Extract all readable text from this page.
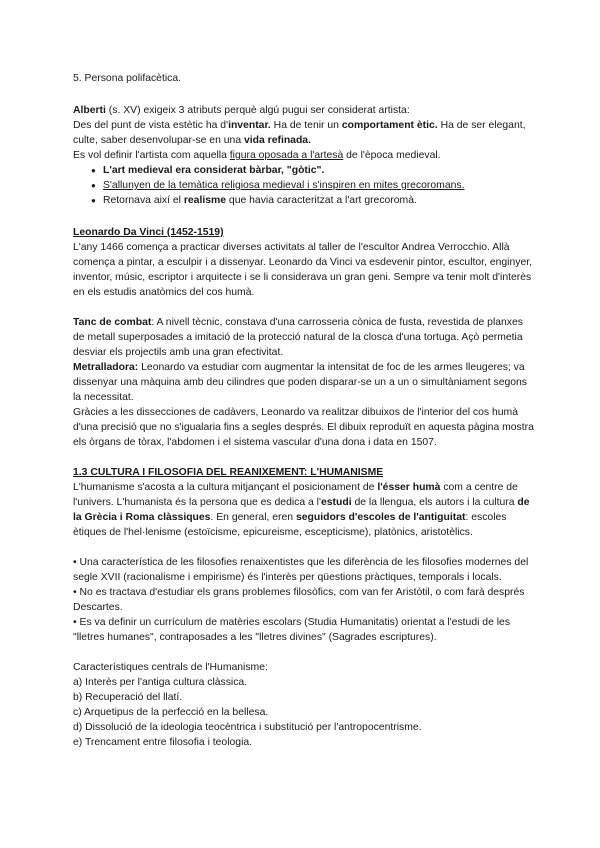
5. Persona polifacètica.

Alberti (s. XV) exigeix 3 atributs perquè algú pugui ser considerat artista:

Des del punt de vista estètic ha d'inventar. Ha de tenir un comportament ètic. Ha de ser elegant, culte, saber desenvolupar-se en una vida refinada.

Es vol definir l'artista com aquella figura oposada a l'artesà de l'època medieval.

● L'art medieval era considerat bàrbar, "gòtic".
● S'allunyen de la temàtica religiosa medieval i s'inspiren en mites grecoromans.
● Retornava així el realisme que havia caracteritzat a l'art grecoromà.

Leonardo Da Vinci (1452-1519)

L'any 1466 comença a practicar diverses activitats al taller de l'escultor Andrea Verrocchio. Allà comença a pintar, a esculpir i a dissenyar. Leonardo da Vinci va esdevenir pintor, escultor, enginyer, inventor, músic, escriptor i arquitecte i se li considerava un gran geni. Sempre va tenir molt d'interès en els estudis anatòmics del cos humà.

Tanc de combat: A nivell tècnic, constava d'una carrosseria cònica de fusta, revestida de planxes de metall superposades a imitació de la protecció natural de la closca d'una tortuga. Açò permetia desviar els projectils amb una gran efectivitat.

Metralladora: Leonardo va estudiar com augmentar la intensitat de foc de les armes lleugeres; va dissenyar una màquina amb deu cilindres que poden disparar-se un a un o simultàniament segons la necessitat.

Gràcies a les dissecciones de cadàvers, Leonardo va realitzar dibuixos de l'interior del cos humà d'una precisió que no s'igualaria fins a segles després. El dibuix reproduït en aquesta pàgina mostra els òrgans de tòrax, l'abdomen i el sistema vascular d'una dona i data en 1507.

1.3 CULTURA I FILOSOFIA DEL REANIXEMENT: L'HUMANISME

L'humanisme s'acosta a la cultura mitjançant el posicionament de l'ésser humà com a centre de l'univers. L'humanista és la persona que es dedica a l'estudi de la llengua, els autors i la cultura de la Grècia i Roma clàssiques. En general, eren seguidors d'escoles de l'antiguitat: escoles ètiques de l'hel·lenisme (estoïcisme, epicureisme, escepticisme), platònics, aristotèlics.

• Una característica de les filosofies renaixentistes que les diferència de les filosofies modernes del segle XVII (racionalisme i empirisme) és l'interès per qüestions pràctiques, temporals i locals.

• No es tractava d'estudiar els grans problemes filosòfics, com van fer Aristòtil, o com farà després Descartes.

• Es va definir un currículum de matèries escolars (Studia Humanitatis) orientat a l'estudi de les "lletres humanes", contraposades a les "lletres divines" (Sagrades escriptures).

Característiques centrals de l'Humanisme:

a) Interès per l'antiga cultura clàssica.

b) Recuperació del llatí.

c) Arquetipus de la perfecció en la bellesa.

d) Dissolució de la ideologia teocèntrica i substitució per l'antropocentrisme.

e) Trencament entre filosofia i teologia.
